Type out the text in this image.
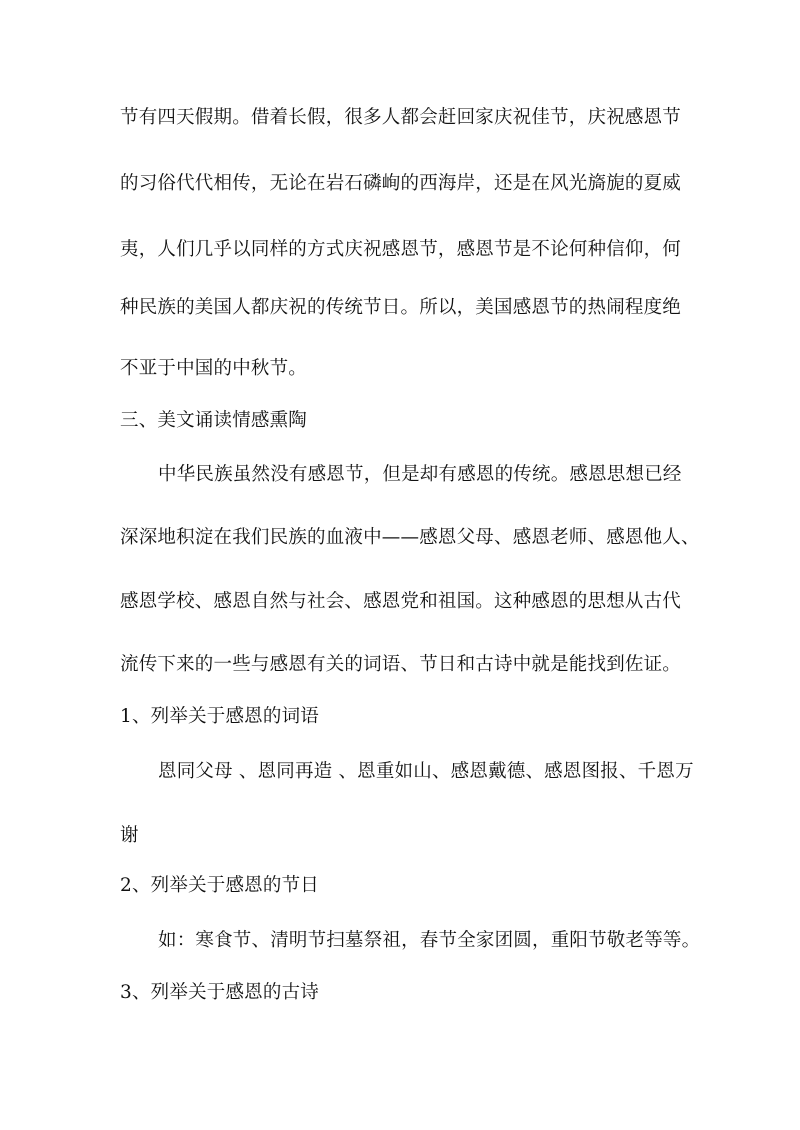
节有四天假期。借着长假，很多人都会赶回家庆祝佳节，庆祝感恩节
的习俗代代相传，无论在岩石磷峋的西海岸，还是在风光旖旎的夏威
夷，人们几乎以同样的方式庆祝感恩节，感恩节是不论何种信仰，何
种民族的美国人都庆祝的传统节日。所以，美国感恩节的热闹程度绝
不亚于中国的中秋节。
三、美文诵读情感熏陶
中华民族虽然没有感恩节，但是却有感恩的传统。感恩思想已经
深深地积淀在我们民族的血液中——感恩父母、感恩老师、感恩他人、
感恩学校、感恩自然与社会、感恩党和祖国。这种感恩的思想从古代
流传下来的一些与感恩有关的词语、节日和古诗中就是能找到佐证。
1、列举关于感恩的词语
恩同父母 、恩同再造 、恩重如山、感恩戴德、感恩图报、千恩万
谢
2、列举关于感恩的节日
如：寒食节、清明节扫墓祭祖，春节全家团圆，重阳节敬老等等。
3、列举关于感恩的古诗
